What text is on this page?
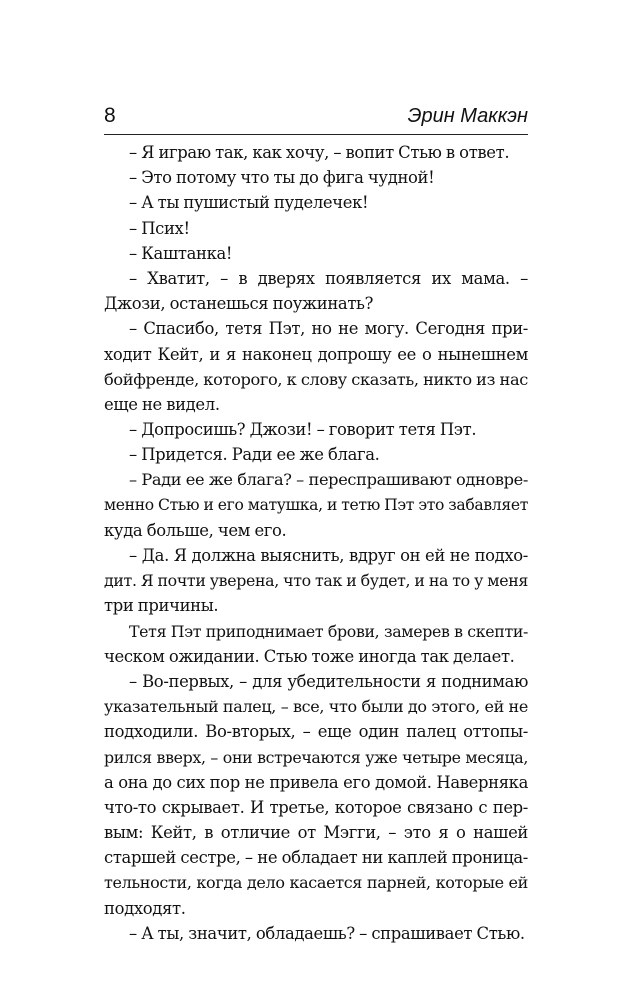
8	Эрин Маккэн
– Я играю так, как хочу, – вопит Стью в ответ.
– Это потому что ты до фига чудной!
– А ты пушистый пуделечек!
– Псих!
– Каштанка!
– Хватит, – в дверях появляется их мама. –
Джози, останешься поужинать?
– Спасибо, тетя Пэт, но не могу. Сегодня при-
ходит Кейт, и я наконец допрошу ее о нынешнем
бойфренде, которого, к слову сказать, никто из нас
еще не видел.
– Допросишь? Джози! – говорит тетя Пэт.
– Придется. Ради ее же блага.
– Ради ее же блага? – переспрашивают одновре-
менно Стью и его матушка, и тетю Пэт это забавляет
куда больше, чем его.
– Да. Я должна выяснить, вдруг он ей не подхо-
дит. Я почти уверена, что так и будет, и на то у меня
три причины.
Тетя Пэт приподнимает брови, замерев в скепти-
ческом ожидании. Стью тоже иногда так делает.
– Во-первых, – для убедительности я поднимаю
указательный палец, – все, что были до этого, ей не
подходили. Во-вторых, – еще один палец оттопы-
рился вверх, – они встречаются уже четыре месяца,
а она до сих пор не привела его домой. Наверняка
что-то скрывает. И третье, которое связано с пер-
вым: Кейт, в отличие от Мэгги, – это я о нашей
старшей сестре, – не обладает ни каплей проница-
тельности, когда дело касается парней, которые ей
подходят.
– А ты, значит, обладаешь? – спрашивает Стью.
